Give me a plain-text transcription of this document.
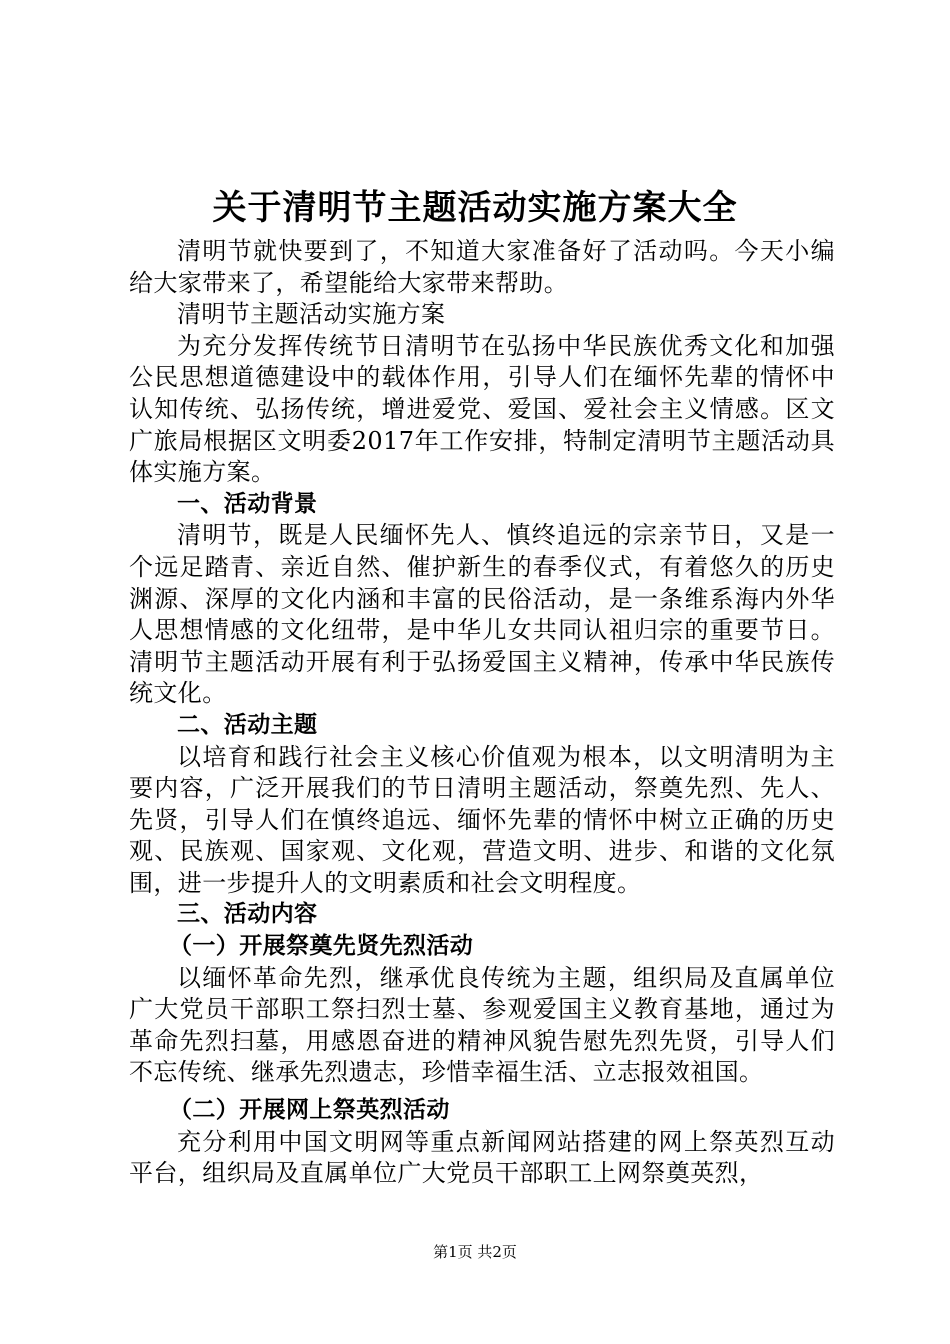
关于清明节主题活动实施方案大全

清明节就快要到了，不知道大家准备好了活动吗。今天小编给大家带来了，希望能给大家带来帮助。

清明节主题活动实施方案

为充分发挥传统节日清明节在弘扬中华民族优秀文化和加强公民思想道德建设中的载体作用，引导人们在缅怀先辈的情怀中认知传统、弘扬传统，增进爱党、爱国、爱社会主义情感。区文广旅局根据区文明委2017年工作安排，特制定清明节主题活动具体实施方案。

一、活动背景

清明节，既是人民缅怀先人、慎终追远的宗亲节日，又是一个远足踏青、亲近自然、催护新生的春季仪式，有着悠久的历史渊源、深厚的文化内涵和丰富的民俗活动，是一条维系海内外华人思想情感的文化纽带，是中华儿女共同认祖归宗的重要节日。清明节主题活动开展有利于弘扬爱国主义精神，传承中华民族传统文化。

二、活动主题

以培育和践行社会主义核心价值观为根本，以文明清明为主要内容，广泛开展我们的节日清明主题活动，祭奠先烈、先人、先贤，引导人们在慎终追远、缅怀先辈的情怀中树立正确的历史观、民族观、国家观、文化观，营造文明、进步、和谐的文化氛围，进一步提升人的文明素质和社会文明程度。

三、活动内容

（一）开展祭奠先贤先烈活动

以缅怀革命先烈，继承优良传统为主题，组织局及直属单位广大党员干部职工祭扫烈士墓、参观爱国主义教育基地，通过为革命先烈扫墓，用感恩奋进的精神风貌告慰先烈先贤，引导人们不忘传统、继承先烈遗志，珍惜幸福生活、立志报效祖国。

（二）开展网上祭英烈活动

充分利用中国文明网等重点新闻网站搭建的网上祭英烈互动平台，组织局及直属单位广大党员干部职工上网祭奠英烈，

第1页 共2页
